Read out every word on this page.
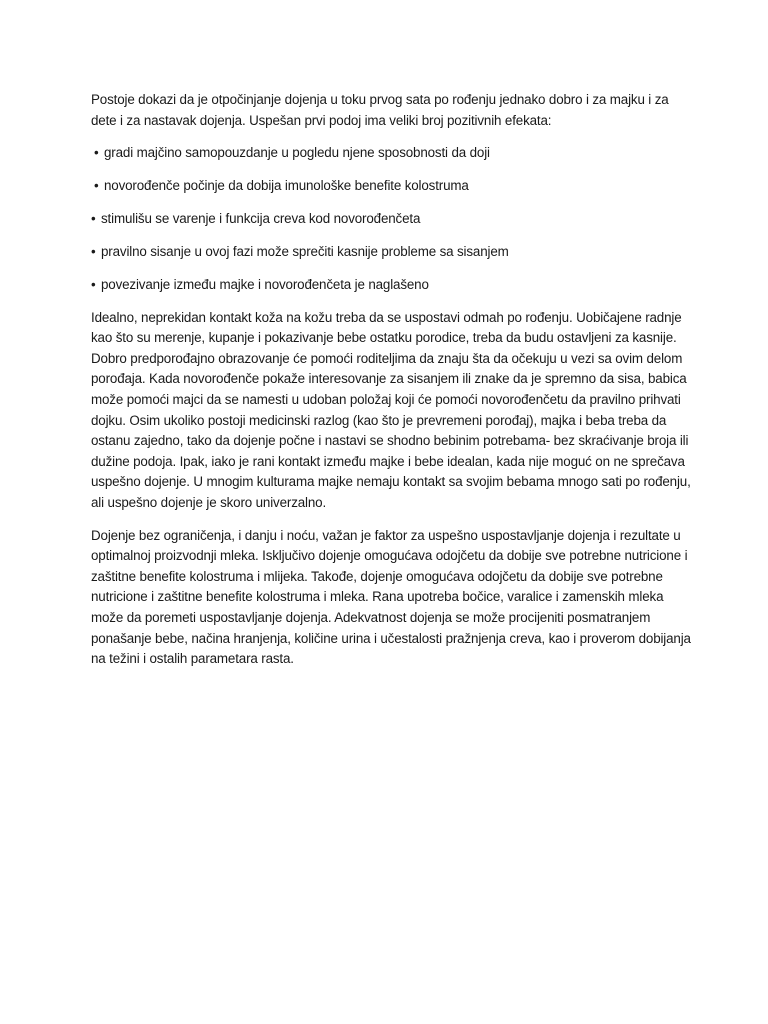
Postoje dokazi da je otpočinjanje dojenja u toku prvog sata po rođenju jednako dobro i za majku i za
dete i za nastavak dojenja. Uspešan prvi podoj ima veliki broj pozitivnih efekata:

• gradi majčino samopouzdanje u pogledu njene sposobnosti da doji

• novorođenče počinje da dobija imunološke benefite kolostruma

• stimulišu se varenje i funkcija creva kod novorođenčeta

• pravilno sisanje u ovoj fazi može sprečiti kasnije probleme sa sisanjem

• povezivanje između majke i novorođenčeta je naglašeno

Idealno, neprekidan kontakt koža na kožu treba da se uspostavi odmah po rođenju. Uobičajene radnje
kao što su merenje, kupanje i pokazivanje bebe ostatku porodice, treba da budu ostavljeni za kasnije.
Dobro predporođajno obrazovanje će pomoći roditeljima da znaju šta da očekuju u vezi sa ovim delom
porođaja. Kada novorođenče pokaže interesovanje za sisanjem ili znake da je spremno da sisa, babica
može pomoći majci da se namesti u udoban položaj koji će pomoći novorođenčetu da pravilno prihvati
dojku. Osim ukoliko postoji medicinski razlog (kao što je prevremeni porođaj), majka i beba treba da
ostanu zajedno, tako da dojenje počne i nastavi se shodno bebinim potrebama- bez skraćivanje broja ili
dužine podoja. Ipak, iako je rani kontakt između majke i bebe idealan, kada nije moguć on ne sprečava
uspešno dojenje. U mnogim kulturama majke nemaju kontakt sa svojim bebama mnogo sati po rođenju,
ali uspešno dojenje je skoro univerzalno.

Dojenje bez ograničenja, i danju i noću, važan je faktor za uspešno uspostavljanje dojenja i rezultate u
optimalnoj proizvodnji mleka. Isključivo dojenje omogućava odojčetu da dobije sve potrebne nutricione i
zaštitne benefite kolostruma i mlijeka. Takođe, dojenje omogućava odojčetu da dobije sve potrebne
nutricione i zaštitne benefite kolostruma i mleka. Rana upotreba bočice, varalice i zamenskih mleka
može da poremeti uspostavljanje dojenja. Adekvatnost dojenja se može procijeniti posmatranjem
ponašanje bebe, načina hranjenja, količine urina i učestalosti pražnjenja creva, kao i proverom dobijanja
na težini i ostalih parametara rasta.
